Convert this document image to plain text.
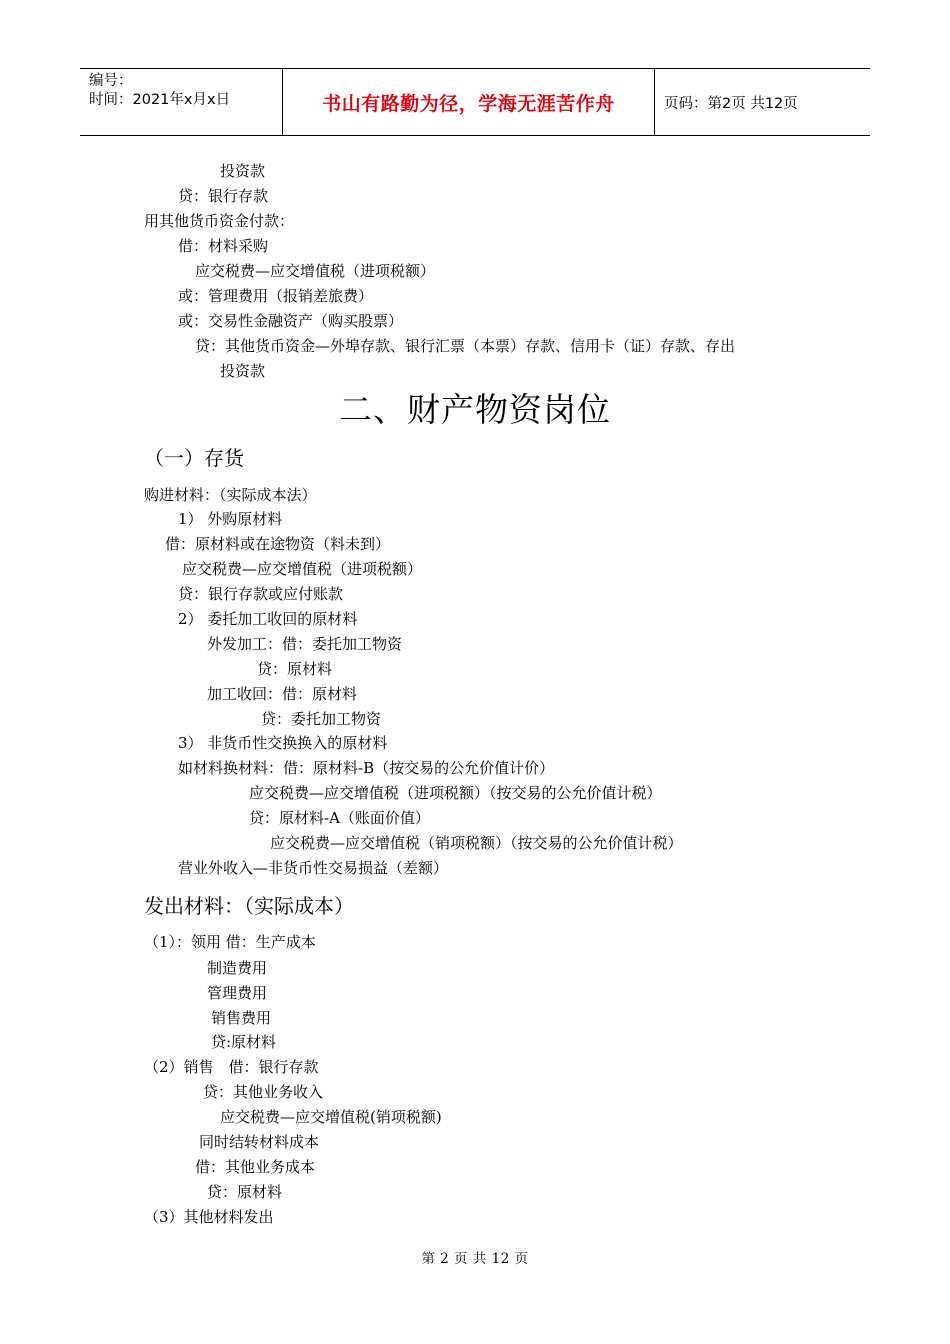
编号：
时间：2021年x月x日	书山有路勤为径，学海无涯苦作舟	页码：第2页 共12页
投资款
贷：银行存款
用其他货币资金付款：
借：材料采购
应交税费—应交增值税（进项税额）
或：管理费用（报销差旅费）
或：交易性金融资产（购买股票）
贷：其他货币资金—外埠存款、银行汇票（本票）存款、信用卡（证）存款、存出
投资款
二、财产物资岗位
（一）存货
购进材料：（实际成本法）
1） 外购原材料
借：原材料或在途物资（料未到）
应交税费—应交增值税（进项税额）
贷：银行存款或应付账款
2） 委托加工收回的原材料
外发加工：借：委托加工物资
贷：原材料
加工收回：借：原材料
贷：委托加工物资
3） 非货币性交换换入的原材料
如材料换材料：借：原材料-B（按交易的公允价值计价）
应交税费—应交增值税（进项税额）（按交易的公允价值计税）
贷：原材料-A（账面价值）
应交税费—应交增值税（销项税额）（按交易的公允价值计税）
营业外收入—非货币性交易损益（差额）
发出材料：（实际成本）
（1）：领用 借：生产成本
制造费用
管理费用
销售费用
贷:原材料
（2）销售　借：银行存款
贷：其他业务收入
应交税费—应交增值税(销项税额)
同时结转材料成本
借：其他业务成本
贷：原材料
（3）其他材料发出
第 2 页 共 12 页
